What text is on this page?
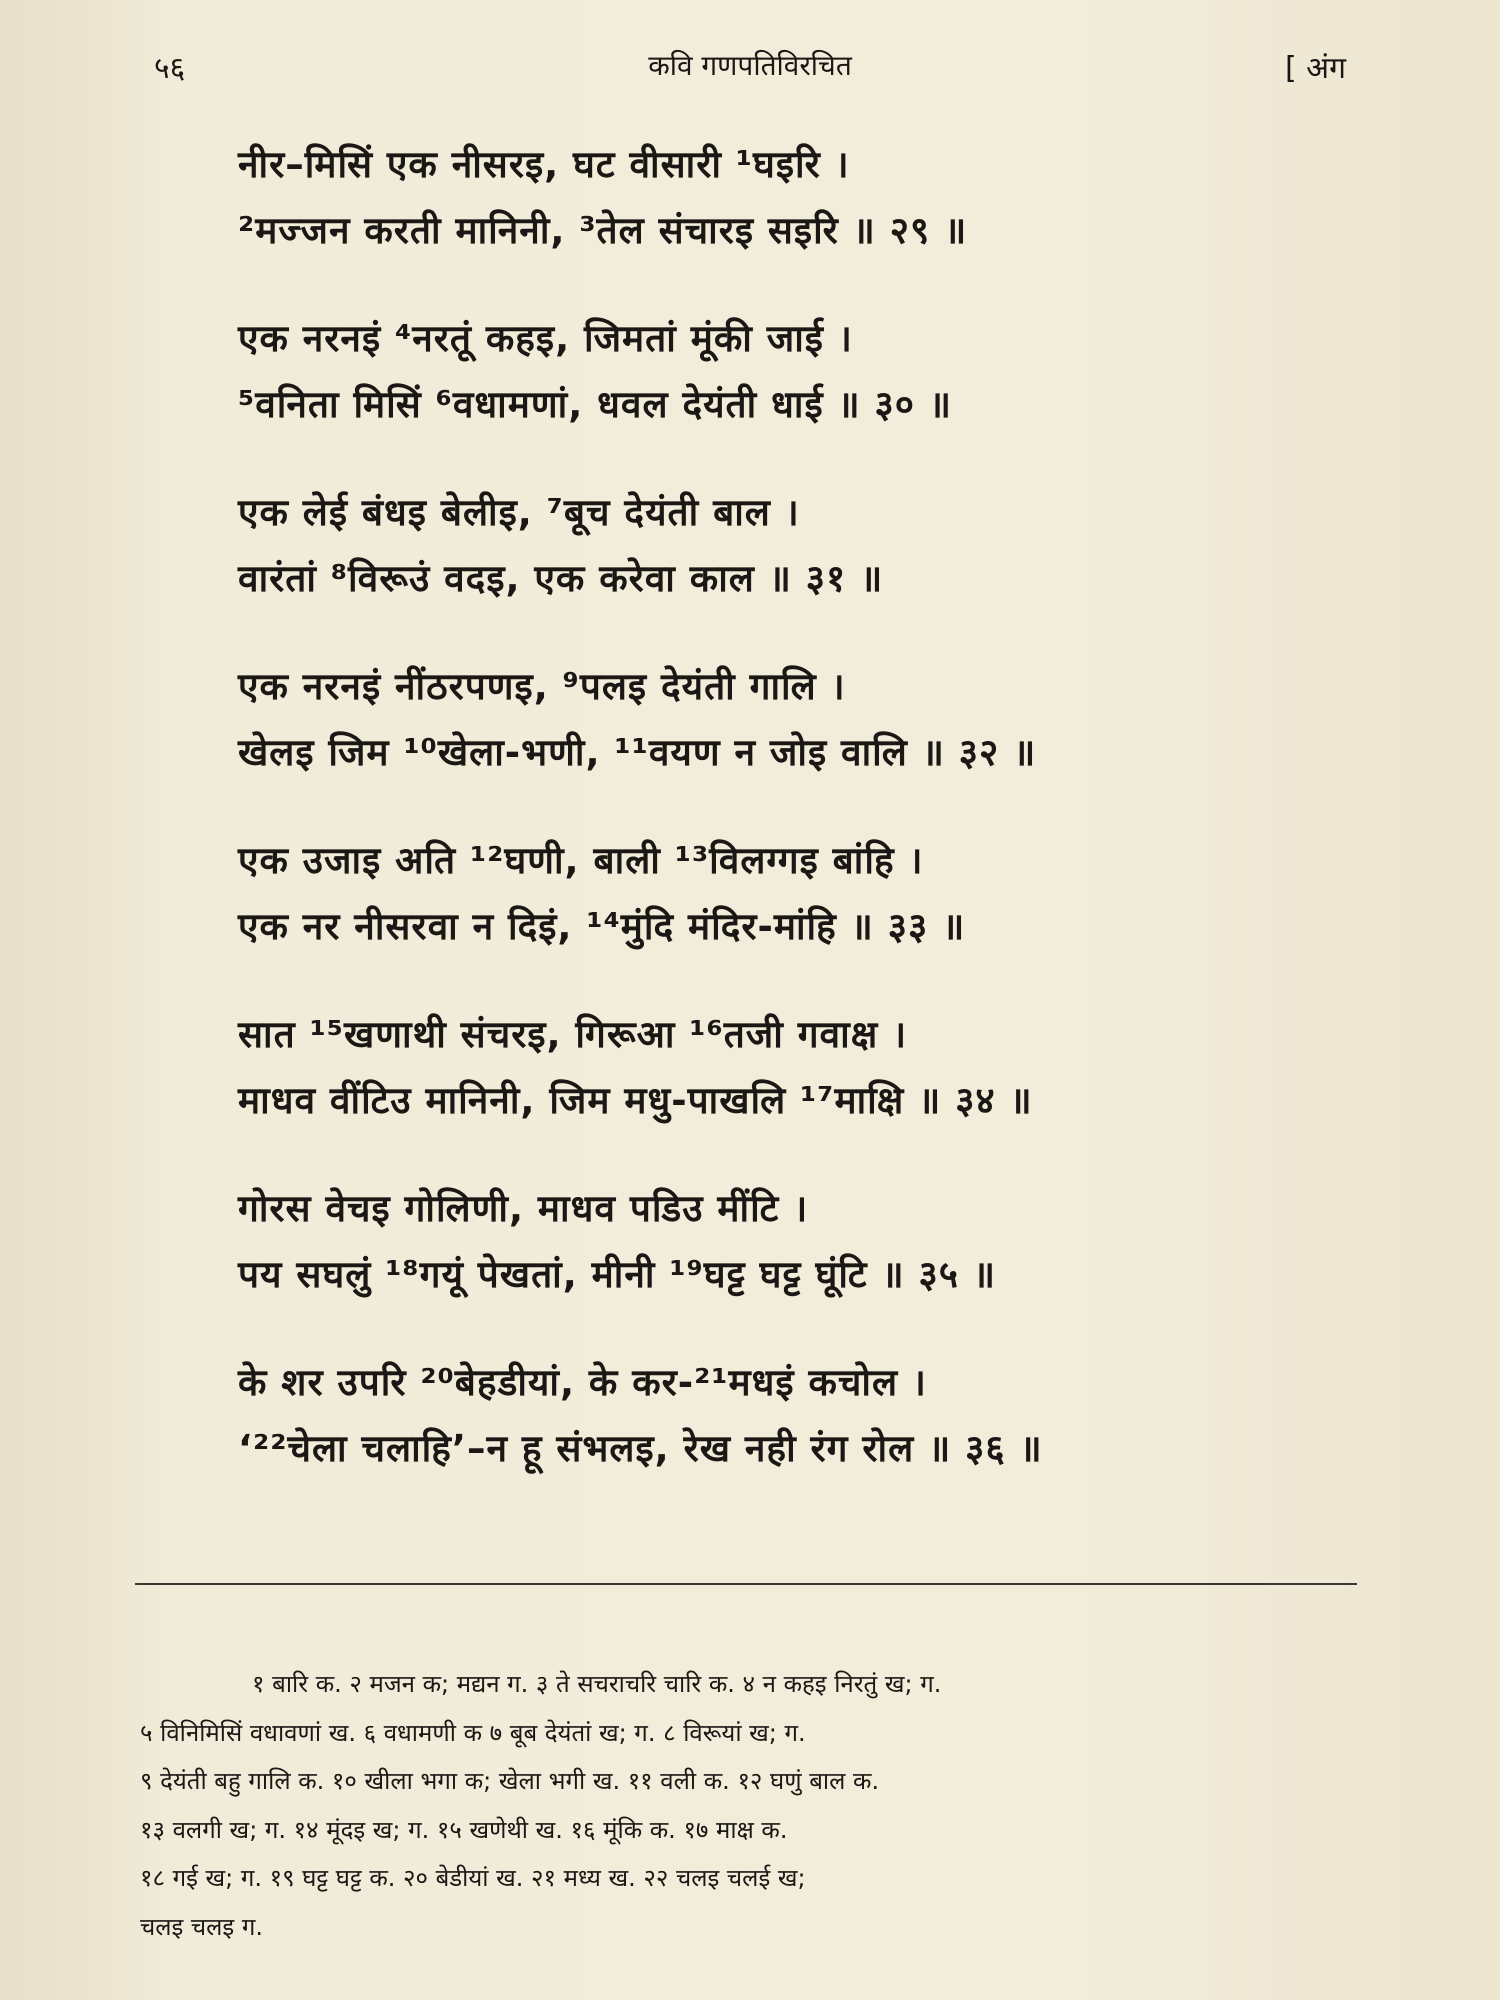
५६	कवि गणपतिविरचित	[ अंग
नीर–मिसिं एक नीसरइ, घट वीसारी ¹घइरि ।
²मज्जन करती मानिनी, ³तेल संचारइ सइरि ॥ २९ ॥
एक नरनइं ⁴नरतूं कहइ, जिमतां मूंकी जाई ।
⁵वनिता मिसिं ⁶वधामणां, धवल देयंती धाई ॥ ३० ॥
एक लेई बंधइ बेलीइ, ⁷बूच देयंती बाल ।
वारंतां ⁸विरूउं वदइ, एक करेवा काल ॥ ३१ ॥
एक नरनइं नींठरपणइ, ⁹पलइ देयंती गालि ।
खेलइ जिम ¹⁰खेला-भणी, ¹¹वयण न जोइ वालि ॥ ३२ ॥
एक उजाइ अति ¹²घणी, बाली ¹³विलग्गइ बांहि ।
एक नर नीसरवा न दिइं, ¹⁴मुंदि मंदिर-मांहि ॥ ३३ ॥
सात ¹⁵खणाथी संचरइ, गिरूआ ¹⁶तजी गवाक्ष ।
माधव वींटिउ मानिनी, जिम मधु-पाखलि ¹⁷माक्षि ॥ ३४ ॥
गोरस वेचइ गोलिणी, माधव पडिउ मींटि ।
पय सघलुं ¹⁸गयूं पेखतां, मीनी ¹⁹घट्ट घट्ट घूंटि ॥ ३५ ॥
के शर उपरि ²⁰बेहडीयां, के कर-²¹मधइं कचोल ।
‘²²चेला चलाहि’–न हू संभलइ, रेख नही रंग रोल ॥ ३६ ॥
१ बारि क. २ मजन क; मद्यन ग. ३ ते सचराचरि चारि क. ४ न कहइ निरतुं ख; ग.
५ विनिमिसिं वधावणां ख. ६ वधामणी क ७ बूब देयंतां ख; ग. ८ विरूयां ख; ग.
९ देयंती बहु गालि क. १० खीला भगा क; खेला भगी ख. ११ वली क. १२ घणुं बाल क.
१३ वलगी ख; ग. १४ मूंदइ ख; ग. १५ खणेथी ख. १६ मूंकि क. १७ माक्ष क.
१८ गई ख; ग. १९ घट्ट घट्ट क. २० बेडीयां ख. २१ मध्य ख. २२ चलइ चलई ख;
चलइ चलइ ग.
